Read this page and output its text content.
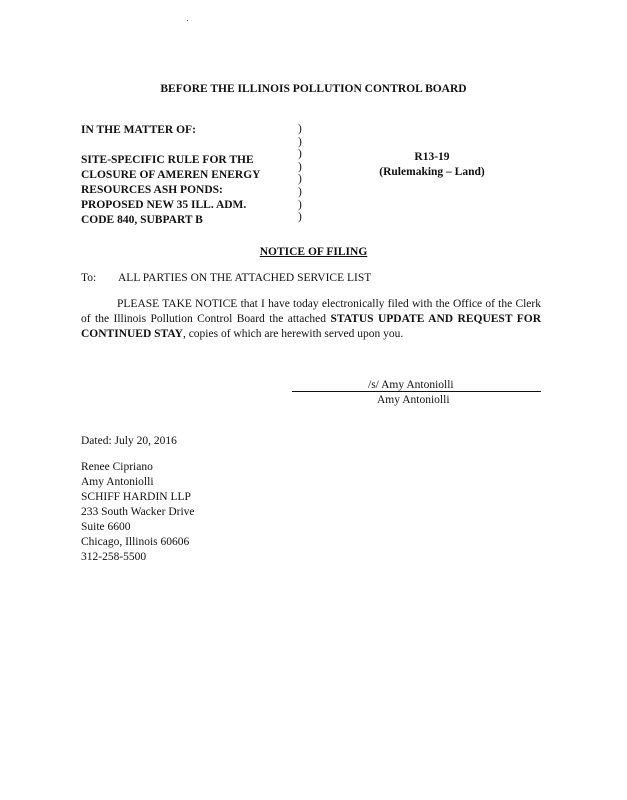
BEFORE THE ILLINOIS POLLUTION CONTROL BOARD
IN THE MATTER OF:
SITE-SPECIFIC RULE FOR THE
CLOSURE OF AMEREN ENERGY
RESOURCES ASH PONDS:
PROPOSED NEW 35 ILL. ADM.
CODE 840, SUBPART B
)
)
)
)
)
)
)
)
R13-19
(Rulemaking – Land)
NOTICE OF FILING
To: ALL PARTIES ON THE ATTACHED SERVICE LIST
PLEASE TAKE NOTICE that I have today electronically filed with the Office of the Clerk of the Illinois Pollution Control Board the attached STATUS UPDATE AND REQUEST FOR CONTINUED STAY, copies of which are herewith served upon you.
/s/ Amy Antoniolli
Amy Antoniolli
Dated: July 20, 2016
Renee Cipriano
Amy Antoniolli
SCHIFF HARDIN LLP
233 South Wacker Drive
Suite 6600
Chicago, Illinois 60606
312-258-5500
